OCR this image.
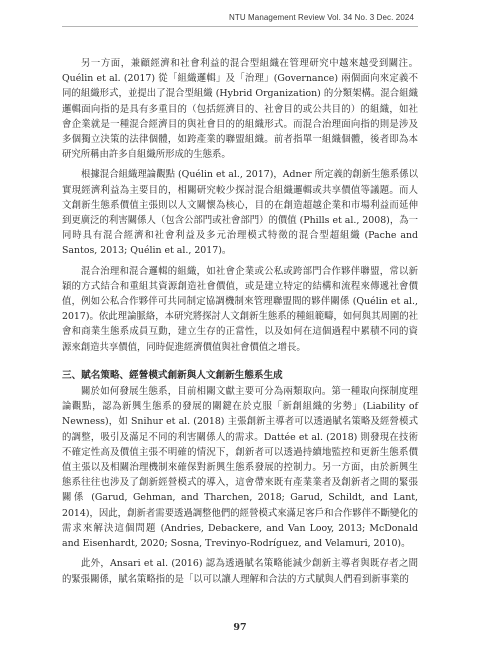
NTU Management Review Vol. 34 No. 3 Dec. 2024

另一方面，兼顧經濟和社會利益的混合型組織在管理研究中越來越受到關注。Quélin et al. (2017) 從「組織邏輯」及「治理」(Governance) 兩個面向來定義不同的組織形式，並提出了混合型組織 (Hybrid Organization) 的分類架構。混合組織邏輯面向指的是具有多重目的（包括經濟目的、社會目的或公共目的）的組織，如社會企業就是一種混合經濟目的與社會目的的組織形式。而混合治理面向指的則是涉及多個獨立決策的法律個體，如跨產業的聯盟組織。前者指單一組織個體，後者即為本研究所稱由許多自組織所形成的生態系。

根據混合組織理論觀點 (Quélin et al., 2017)，Adner 所定義的創新生態系係以實現經濟利益為主要目的，相關研究較少探討混合組織邏輯或共享價值等議題。而人文創新生態系價值主張則以人文關懷為核心，目的在創造超越企業和市場利益而延伸到更廣泛的利害關係人（包含公部門或社會部門）的價值 (Phills et al., 2008)，為一同時具有混合經濟和社會利益及多元治理模式特徵的混合型超組織 (Pache and Santos, 2013; Quélin et al., 2017)。

混合治理和混合邏輯的組織，如社會企業或公私或跨部門合作夥伴聯盟，常以新穎的方式結合和重組其資源創造社會價值，或是建立特定的結構和流程來傳遞社會價值，例如公私合作夥伴可共同制定協調機制來管理聯盟間的夥伴關係 (Quélin et al., 2017)。依此理論脈絡，本研究將探討人文創新生態系的種組範疇，如何與其周圍的社會和商業生態系成員互動，建立生存的正當性，以及如何在這個過程中累積不同的資源來創造共享價值，同時促進經濟價值與社會價值之增長。

三、賦名策略、經營模式創新與人文創新生態系生成

關於如何發展生態系，目前相關文獻主要可分為兩類取向。第一種取向探制度理論觀點，認為新興生態系的發展的關鍵在於克服「新創組織的劣勢」(Liability of Newness)，如 Snihur et al. (2018) 主張創新主導者可以透過賦名策略及經營模式的調整，吸引及滿足不同的利害關係人的需求。Dattée et al. (2018) 則發現在技術不確定性高及價值主張不明確的情況下，創新者可以透過持續地監控和更新生態系價值主張以及相關治理機制來確保對新興生態系發展的控制力。另一方面，由於新興生態系往往也涉及了創新經營模式的導入，這會帶來既有產業業者及創新者之間的緊張關係 (Garud, Gehman, and Tharchen, 2018; Garud, Schildt, and Lant, 2014)，因此，創新者需要透過調整他們的經營模式來滿足客戶和合作夥伴不斷變化的需求來解決這個問題 (Andries, Debackere, and Van Looy, 2013; McDonald and Eisenhardt, 2020; Sosna, Trevinyo-Rodríguez, and Velamuri, 2010)。

此外，Ansari et al. (2016) 認為透過賦名策略能減少創新主導者與既存者之間的緊張關係，賦名策略指的是「以可以讓人理解和合法的方式賦與人們看到新事業的

97
